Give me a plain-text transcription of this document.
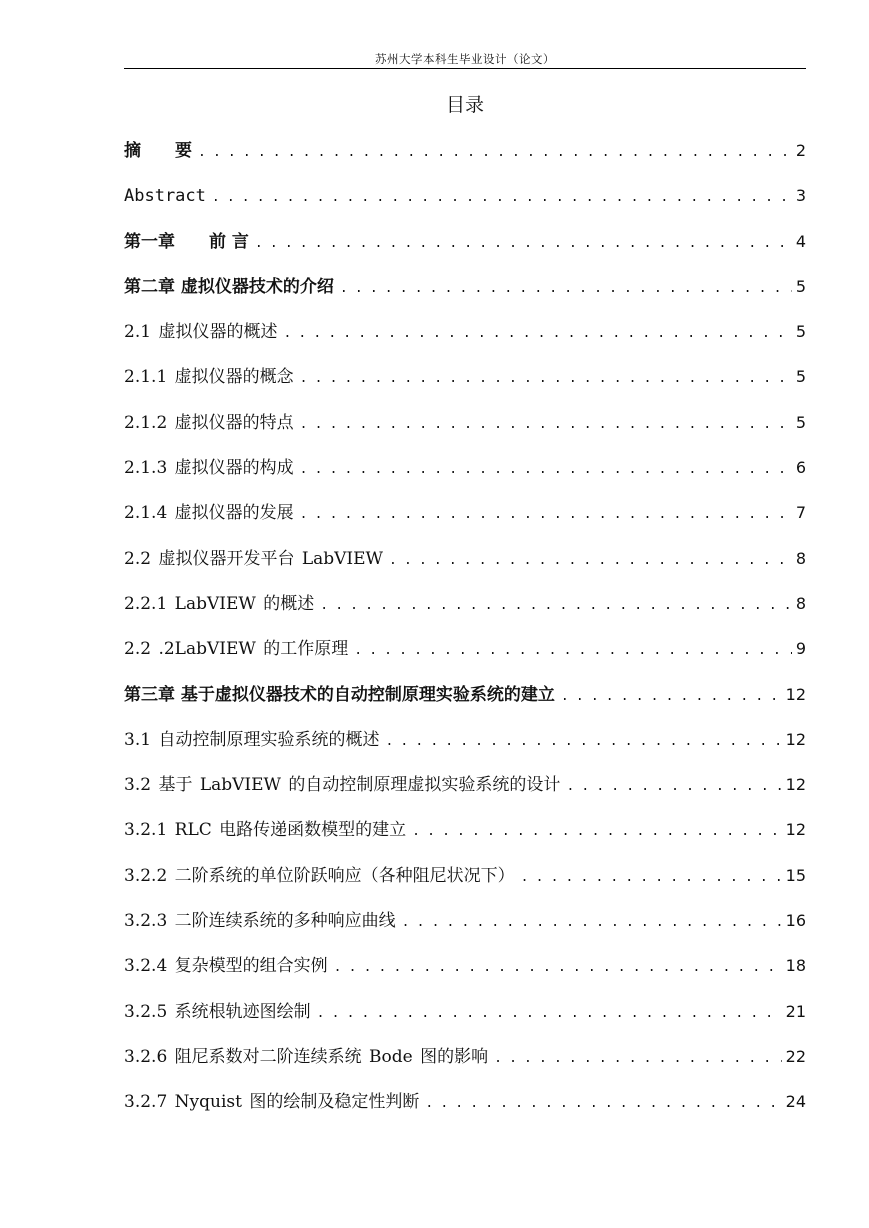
苏州大学本科生毕业设计（论文）
目录
摘　　要 . . .	2
Abstract . . .	3
第一章　　前 言 . . .	4
第二章 虚拟仪器技术的介绍 . . .	5
2.1 虚拟仪器的概述 . . .	5
2.1.1 虚拟仪器的概念 . . .	5
2.1.2 虚拟仪器的特点 . . .	5
2.1.3 虚拟仪器的构成 . . .	6
2.1.4 虚拟仪器的发展 . . .	7
2.2 虚拟仪器开发平台 LabVIEW . . .	8
2.2.1 LabVIEW 的概述 . . .	8
2.2 .2LabVIEW 的工作原理 . . .	9
第三章 基于虚拟仪器技术的自动控制原理实验系统的建立 . . .	12
3.1 自动控制原理实验系统的概述 . . .	12
3.2 基于 LabVIEW 的自动控制原理虚拟实验系统的设计 . . .	12
3.2.1 RLC 电路传递函数模型的建立 . . .	12
3.2.2 二阶系统的单位阶跃响应（各种阻尼状况下） . . .	15
3.2.3 二阶连续系统的多种响应曲线 . . .	16
3.2.4 复杂模型的组合实例 . . .	18
3.2.5 系统根轨迹图绘制 . . .	21
3.2.6 阻尼系数对二阶连续系统 Bode 图的影响 . . .	22
3.2.7 Nyquist 图的绘制及稳定性判断 . . .	24
